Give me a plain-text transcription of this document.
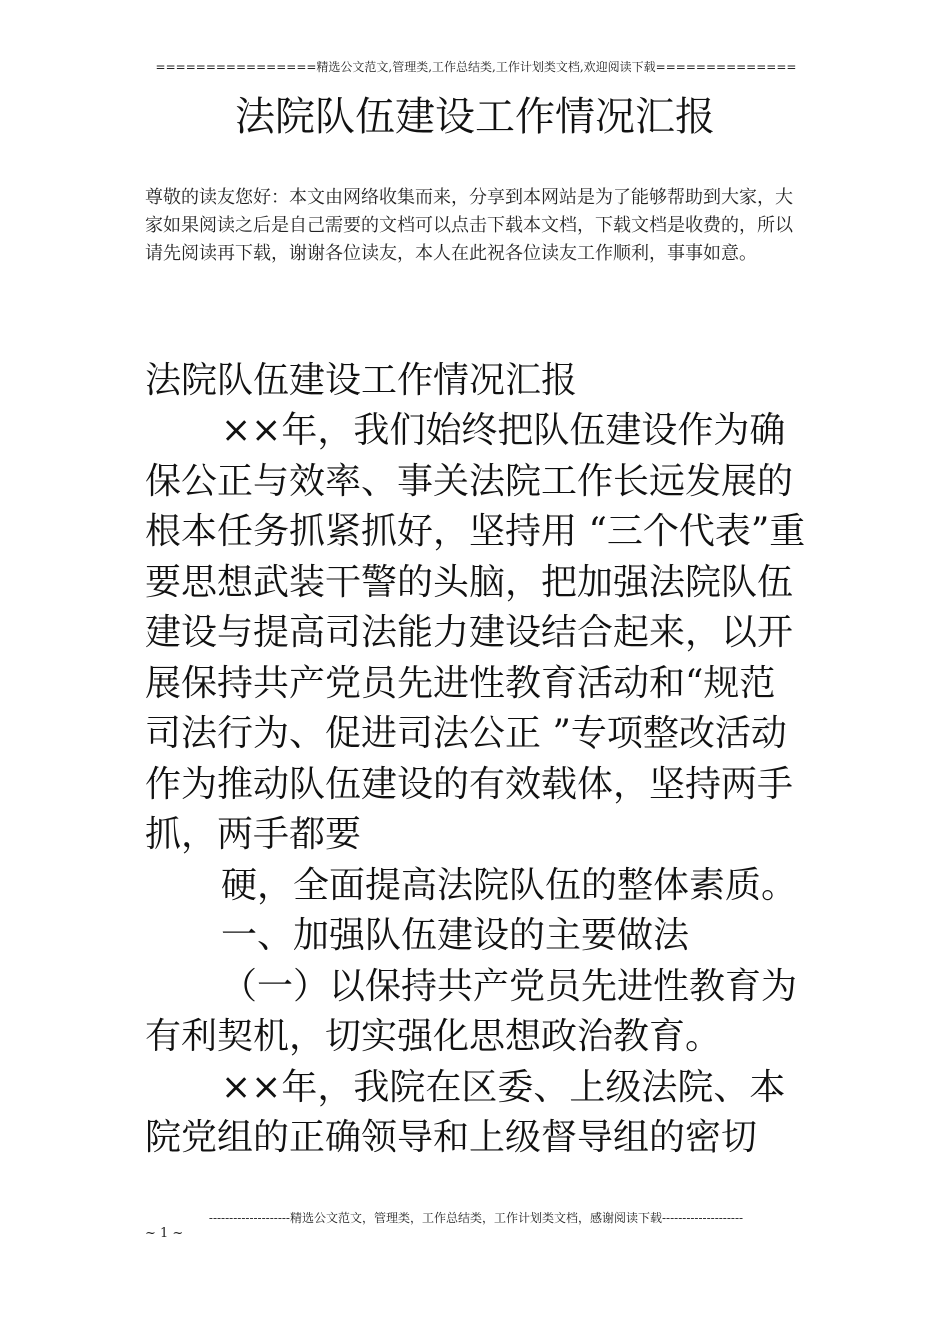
================精选公文范文,管理类,工作总结类,工作计划类文档,欢迎阅读下载==============
法院队伍建设工作情况汇报
尊敬的读友您好：本文由网络收集而来，分享到本网站是为了能够帮助到大家，大家如果阅读之后是自己需要的文档可以点击下载本文档，下载文档是收费的，所以请先阅读再下载，谢谢各位读友，本人在此祝各位读友工作顺利，事事如意。
法院队伍建设工作情况汇报

××年，我们始终把队伍建设作为确保公正与效率、事关法院工作长远发展的根本任务抓紧抓好，坚持用 “三个代表”重要思想武装干警的头脑，把加强法院队伍建设与提高司法能力建设结合起来，以开展保持共产党员先进性教育活动和“规范司法行为、促进司法公正 ”专项整改活动作为推动队伍建设的有效载体，坚持两手抓，两手都要

硬，全面提高法院队伍的整体素质。

一、加强队伍建设的主要做法

（一）以保持共产党员先进性教育为有利契机，切实强化思想政治教育。

××年，我院在区委、上级法院、本院党组的正确领导和上级督导组的密切

--------------------精选公文范文，管理类，工作总结类，工作计划类文档，感谢阅读下载--------------------
~ 1 ~
